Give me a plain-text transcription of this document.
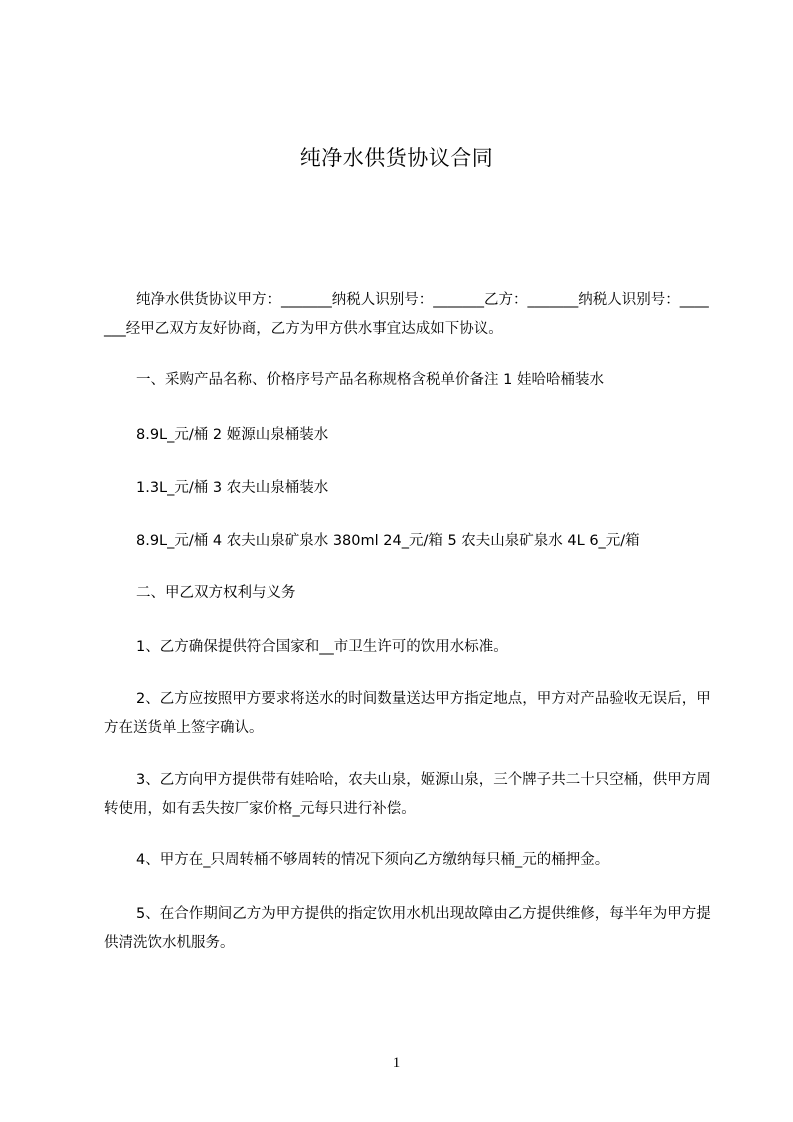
纯净水供货协议合同

纯净水供货协议甲方：_______纳税人识别号：_______乙方：_______纳税人识别号：_______经甲乙双方友好协商，乙方为甲方供水事宜达成如下协议。

一、采购产品名称、价格序号产品名称规格含税单价备注 1 娃哈哈桶装水

8.9L_元/桶 2 姬源山泉桶装水

1.3L_元/桶 3 农夫山泉桶装水

8.9L_元/桶 4 农夫山泉矿泉水 380ml 24_元/箱 5 农夫山泉矿泉水 4L 6_元/箱

二、甲乙双方权利与义务

1、乙方确保提供符合国家和__市卫生许可的饮用水标准。

2、乙方应按照甲方要求将送水的时间数量送达甲方指定地点，甲方对产品验收无误后，甲方在送货单上签字确认。

3、乙方向甲方提供带有娃哈哈，农夫山泉，姬源山泉，三个牌子共二十只空桶，供甲方周转使用，如有丢失按厂家价格_元每只进行补偿。

4、甲方在_只周转桶不够周转的情况下须向乙方缴纳每只桶_元的桶押金。

5、在合作期间乙方为甲方提供的指定饮用水机出现故障由乙方提供维修，每半年为甲方提供清洗饮水机服务。

1
